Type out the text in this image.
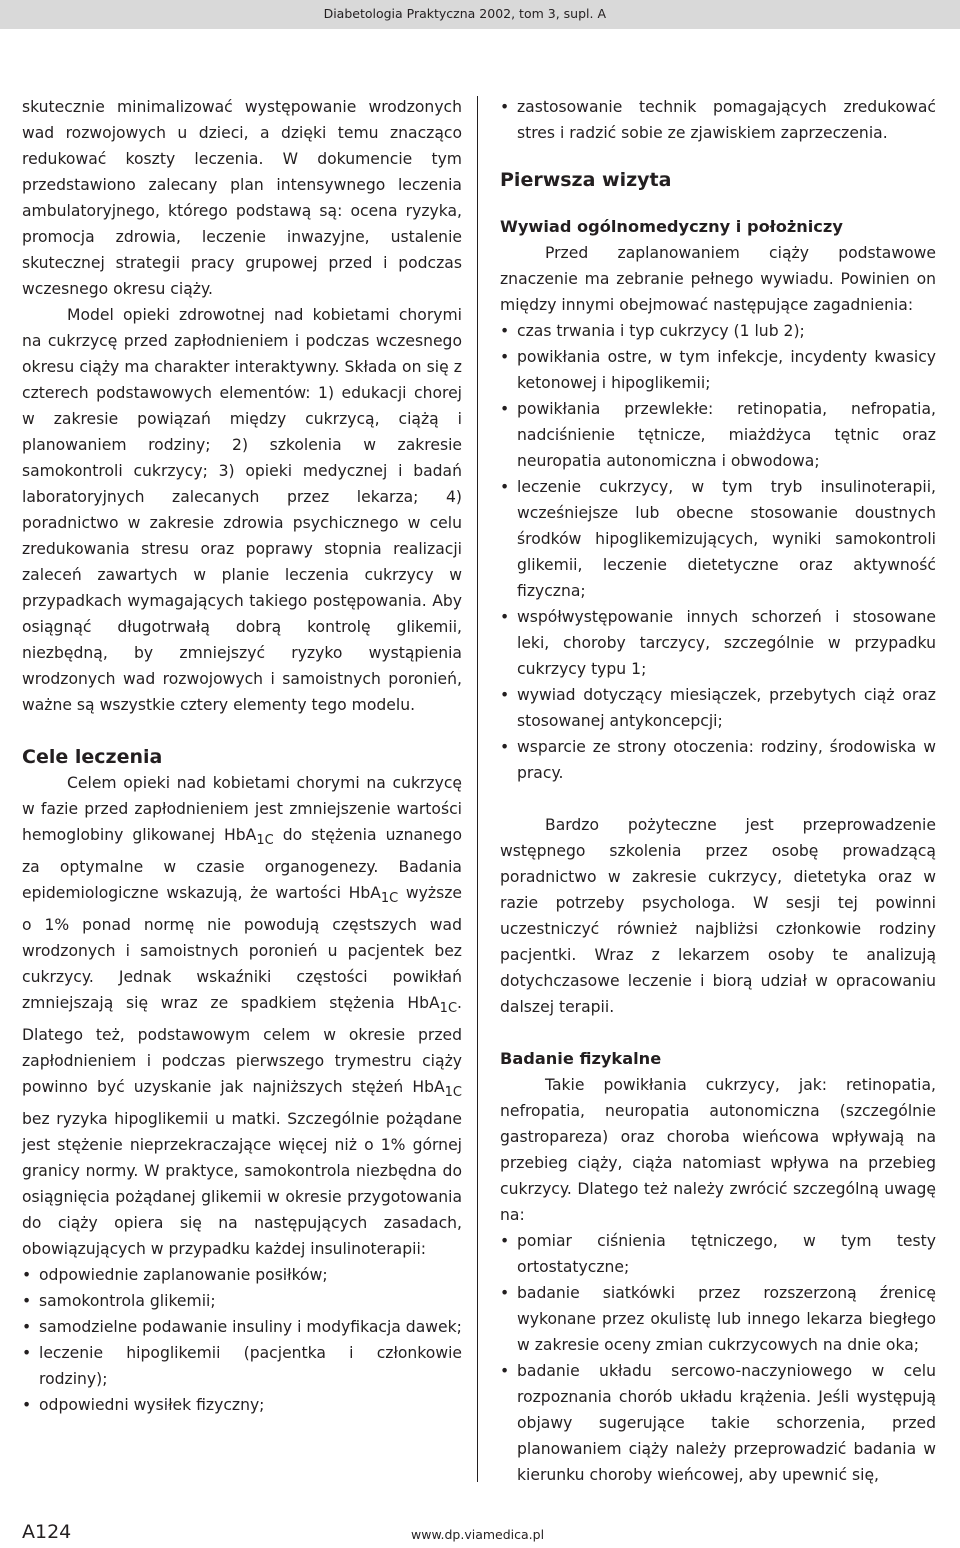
Diabetologia Praktyczna 2002, tom 3, supl. A

skutecznie minimalizować występowanie wrodzonych wad rozwojowych u dzieci, a dzięki temu znacząco redukować koszty leczenia. W dokumencie tym przedstawiono zalecany plan intensywnego leczenia ambulatoryjnego, którego podstawą są: ocena ryzyka, promocja zdrowia, leczenie inwazyjne, ustalenie skutecznej strategii pracy grupowej przed i podczas wczesnego okresu ciąży.

Model opieki zdrowotnej nad kobietami chorymi na cukrzycę przed zapłodnieniem i podczas wczesnego okresu ciąży ma charakter interaktywny. Składa on się z czterech podstawowych elementów: 1) edukacji chorej w zakresie powiązań między cukrzycą, ciążą i planowaniem rodziny; 2) szkolenia w zakresie samokontroli cukrzycy; 3) opieki medycznej i badań laboratoryjnych zalecanych przez lekarza; 4) poradnictwo w zakresie zdrowia psychicznego w celu zredukowania stresu oraz poprawy stopnia realizacji zaleceń zawartych w planie leczenia cukrzycy w przypadkach wymagających takiego postępowania. Aby osiągnąć długotrwałą dobrą kontrolę glikemii, niezbędną, by zmniejszyć ryzyko wystąpienia wrodzonych wad rozwojowych i samoistnych poronień, ważne są wszystkie cztery elementy tego modelu.

Cele leczenia

Celem opieki nad kobietami chorymi na cukrzycę w fazie przed zapłodnieniem jest zmniejszenie wartości hemoglobiny glikowanej HbA$_{1C}$ do stężenia uznanego za optymalne w czasie organogenezy. Badania epidemiologiczne wskazują, że wartości HbA$_{1C}$ wyższe o 1% ponad normę nie powodują częstszych wad wrodzonych i samoistnych poronień u pacjentek bez cukrzycy. Jednak wskaźniki częstości powikłań zmniejszają się wraz ze spadkiem stężenia HbA$_{1C}$. Dlatego też, podstawowym celem w okresie przed zapłodnieniem i podczas pierwszego trymestru ciąży powinno być uzyskanie jak najniższych stężeń HbA$_{1C}$ bez ryzyka hipoglikemii u matki. Szczególnie pożądane jest stężenie nieprzekraczające więcej niż o 1% górnej granicy normy. W praktyce, samokontrola niezbędna do osiągnięcia pożądanej glikemii w okresie przygotowania do ciąży opiera się na następujących zasadach, obowiązujących w przypadku każdej insulinoterapii:

• odpowiednie zaplanowanie posiłków;
• samokontrola glikemii;
• samodzielne podawanie insuliny i modyfikacja dawek;
• leczenie hipoglikemii (pacjentka i członkowie rodziny);
• odpowiedni wysiłek fizyczny;
• zastosowanie technik pomagających zredukować stres i radzić sobie ze zjawiskiem zaprzeczenia.
Pierwsza wizyta
Wywiad ogólnomedyczny i położniczy

Przed zaplanowaniem ciąży podstawowe znaczenie ma zebranie pełnego wywiadu. Powinien on między innymi obejmować następujące zagadnienia:

• czas trwania i typ cukrzycy (1 lub 2);
• powikłania ostre, w tym infekcje, incydenty kwasicy ketonowej i hipoglikemii;
• powikłania przewlekłe: retinopatia, nefropatia, nadciśnienie tętnicze, miażdżyca tętnic oraz neuropatia autonomiczna i obwodowa;
• leczenie cukrzycy, w tym tryb insulinoterapii, wcześniejsze lub obecne stosowanie doustnych środków hipoglikemizujących, wyniki samokontroli glikemii, leczenie dietetyczne oraz aktywność fizyczna;
• współwystępowanie innych schorzeń i stosowane leki, choroby tarczycy, szczególnie w przypadku cukrzycy typu 1;
• wywiad dotyczący miesiączek, przebytych ciąż oraz stosowanej antykoncepcji;
• wsparcie ze strony otoczenia: rodziny, środowiska w pracy.

Bardzo pożyteczne jest przeprowadzenie wstępnego szkolenia przez osobę prowadzącą poradnictwo w zakresie cukrzycy, dietetyka oraz w razie potrzeby psychologa. W sesji tej powinni uczestniczyć również najbliżsi członkowie rodziny pacjentki. Wraz z lekarzem osoby te analizują dotychczasowe leczenie i biorą udział w opracowaniu dalszej terapii.

Badanie fizykalne

Takie powikłania cukrzycy, jak: retinopatia, nefropatia, neuropatia autonomiczna (szczególnie gastropareza) oraz choroba wieńcowa wpływają na przebieg ciąży, ciąża natomiast wpływa na przebieg cukrzycy. Dlatego też należy zwrócić szczególną uwagę na:

• pomiar ciśnienia tętniczego, w tym testy ortostatyczne;
• badanie siatkówki przez rozszerzoną źrenicę wykonane przez okulistę lub innego lekarza biegłego w zakresie oceny zmian cukrzycowych na dnie oka;
• badanie układu sercowo-naczyniowego w celu rozpoznania chorób układu krążenia. Jeśli występują objawy sugerujące takie schorzenia, przed planowaniem ciąży należy przeprowadzić badania w kierunku choroby wieńcowej, aby upewnić się,
A124	www.dp.viamedica.pl
